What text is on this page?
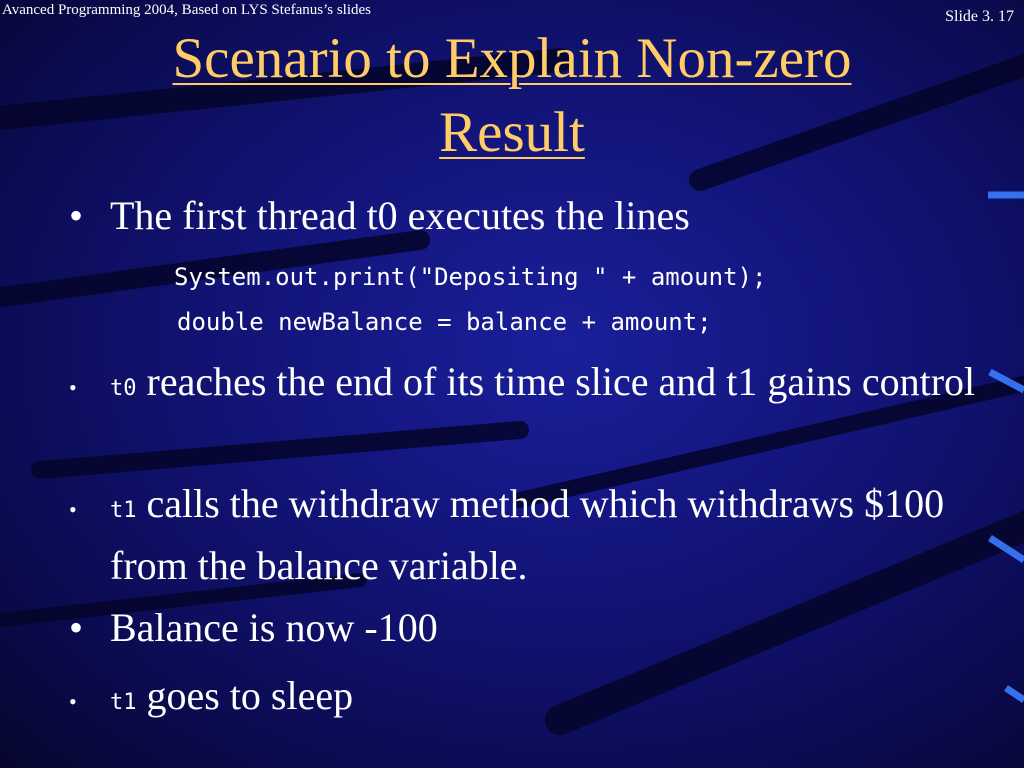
Avanced Programming 2004, Based on LYS Stefanus’s slides	Slide 3. 17
Scenario to Explain Non-zero
Result
• The first thread t0 executes the lines
System.out.print("Depositing " + amount);
double newBalance = balance + amount;
• t0 reaches the end of its time slice and t1 gains control
• t1 calls the withdraw method which withdraws $100 from the balance variable.
• Balance is now -100
• t1 goes to sleep
